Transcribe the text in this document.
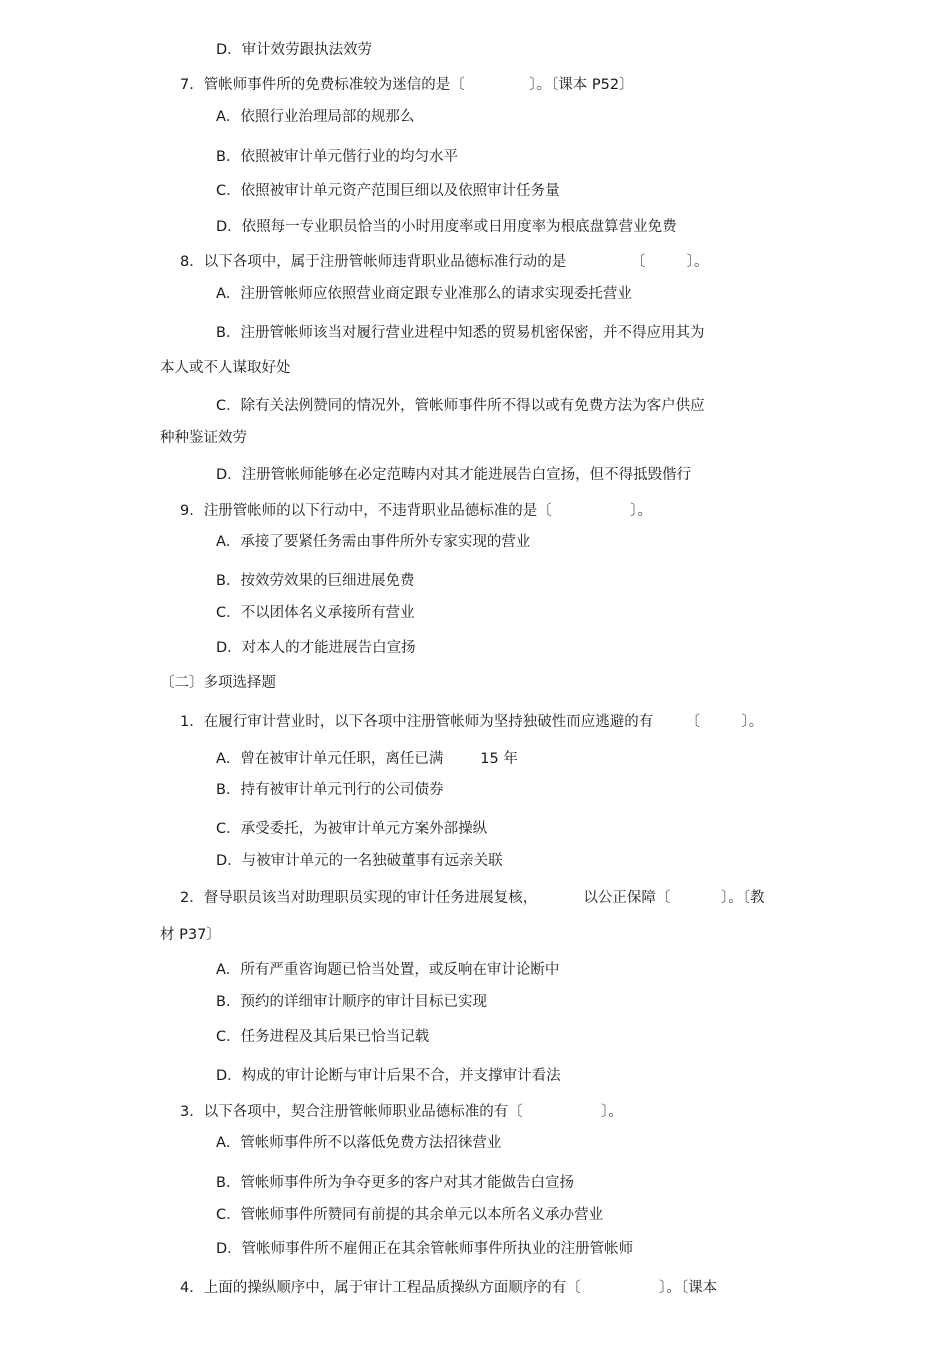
D．审计效劳跟执法效劳
7．管帐师事件所的免费标准较为迷信的是〔              〕。〔课本 P52〕
A．依照行业治理局部的规那么
B．依照被审计单元偕行业的均匀水平
C．依照被审计单元资产范围巨细以及依照审计任务量
D．依照每一专业职员恰当的小时用度率或日用度率为根底盘算营业免费
8．以下各项中，属于注册管帐师违背职业品德标准行动的是              〔         〕。
A．注册管帐师应依照营业商定跟专业准那么的请求实现委托营业
B．注册管帐师该当对履行营业进程中知悉的贸易机密保密，并不得应用其为
本人或不人谋取好处
C．除有关法例赞同的情况外，管帐师事件所不得以或有免费方法为客户供应
种种鉴证效劳
D．注册管帐师能够在必定范畴内对其才能进展告白宣扬，但不得抵毁偕行
9．注册管帐师的以下行动中，不违背职业品德标准的是〔                 〕。
A．承接了要紧任务需由事件所外专家实现的营业
B．按效劳效果的巨细进展免费
C．不以团体名义承接所有营业
D．对本人的才能进展告白宣扬
〔二〕多项选择题
1．在履行审计营业时，以下各项中注册管帐师为坚持独破性而应逃避的有       〔         〕。
A．曾在被审计单元任职，离任已满        15 年
B．持有被审计单元刊行的公司债券
C．承受委托，为被审计单元方案外部操纵
D．与被审计单元的一名独破董事有远亲关联
2．督导职员该当对助理职员实现的审计任务进展复核，          以公正保障〔           〕。〔教
材 P37〕
A．所有严重咨询题已恰当处置，或反响在审计论断中
B．预约的详细审计顺序的审计目标已实现
C．任务进程及其后果已恰当记载
D．构成的审计论断与审计后果不合，并支撑审计看法
3．以下各项中，契合注册管帐师职业品德标准的有〔                 〕。
A．管帐师事件所不以落低免费方法招徕营业
B．管帐师事件所为争夺更多的客户对其才能做告白宣扬
C．管帐师事件所赞同有前提的其余单元以本所名义承办营业
D．管帐师事件所不雇佣正在其余管帐师事件所执业的注册管帐师
4．上面的操纵顺序中，属于审计工程品质操纵方面顺序的有〔                 〕。〔课本
